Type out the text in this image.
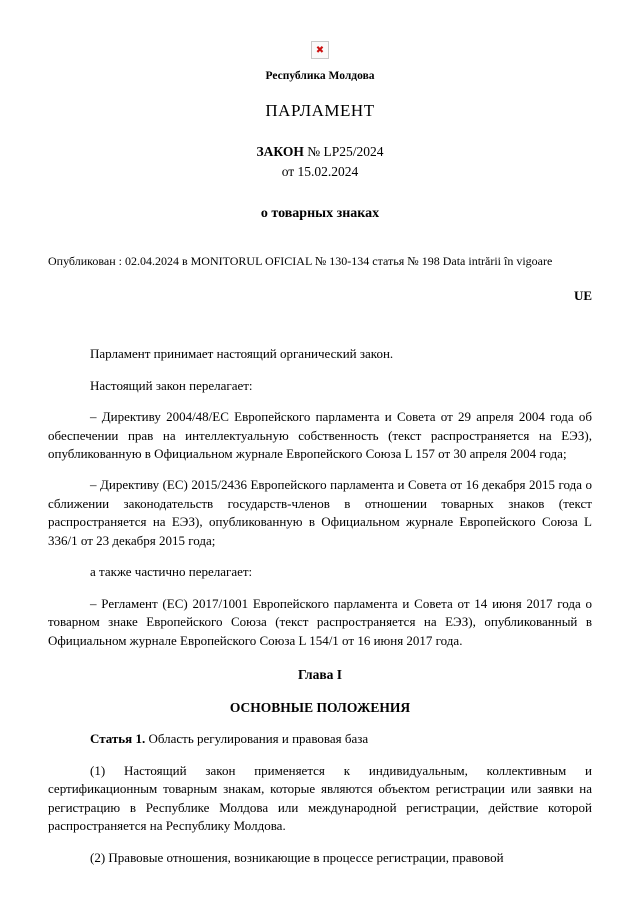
✖
Республика Молдова
ПАРЛАМЕНТ
ЗАКОН № LP25/2024
от 15.02.2024
о товарных знаках
Опубликован : 02.04.2024 в MONITORUL OFICIAL № 130-134 статья № 198 Data intrării în vigoare
UE

Парламент принимает настоящий органический закон.

Настоящий закон перелагает:

– Директиву 2004/48/ЕС Европейского парламента и Совета от 29 апреля 2004 года об обеспечении прав на интеллектуальную собственность (текст распространяется на ЕЭЗ), опубликованную в Официальном журнале Европейского Союза L 157 от 30 апреля 2004 года;

– Директиву (ЕС) 2015/2436 Европейского парламента и Совета от 16 декабря 2015 года о сближении законодательств государств-членов в отношении товарных знаков (текст распространяется на ЕЭЗ), опубликованную в Официальном журнале Европейского Союза L 336/1 от 23 декабря 2015 года;

а также частично перелагает:

– Регламент (ЕС) 2017/1001 Европейского парламента и Совета от 14 июня 2017 года о товарном знаке Европейского Союза (текст распространяется на ЕЭЗ), опубликованный в Официальном журнале Европейского Союза L 154/1 от 16 июня 2017 года.

Глава I
ОСНОВНЫЕ ПОЛОЖЕНИЯ

Статья 1. Область регулирования и правовая база

(1) Настоящий закон применяется к индивидуальным, коллективным и сертификационным товарным знакам, которые являются объектом регистрации или заявки на регистрацию в Республике Молдова или международной регистрации, действие которой распространяется на Республику Молдова.

(2) Правовые отношения, возникающие в процессе регистрации, правовой
